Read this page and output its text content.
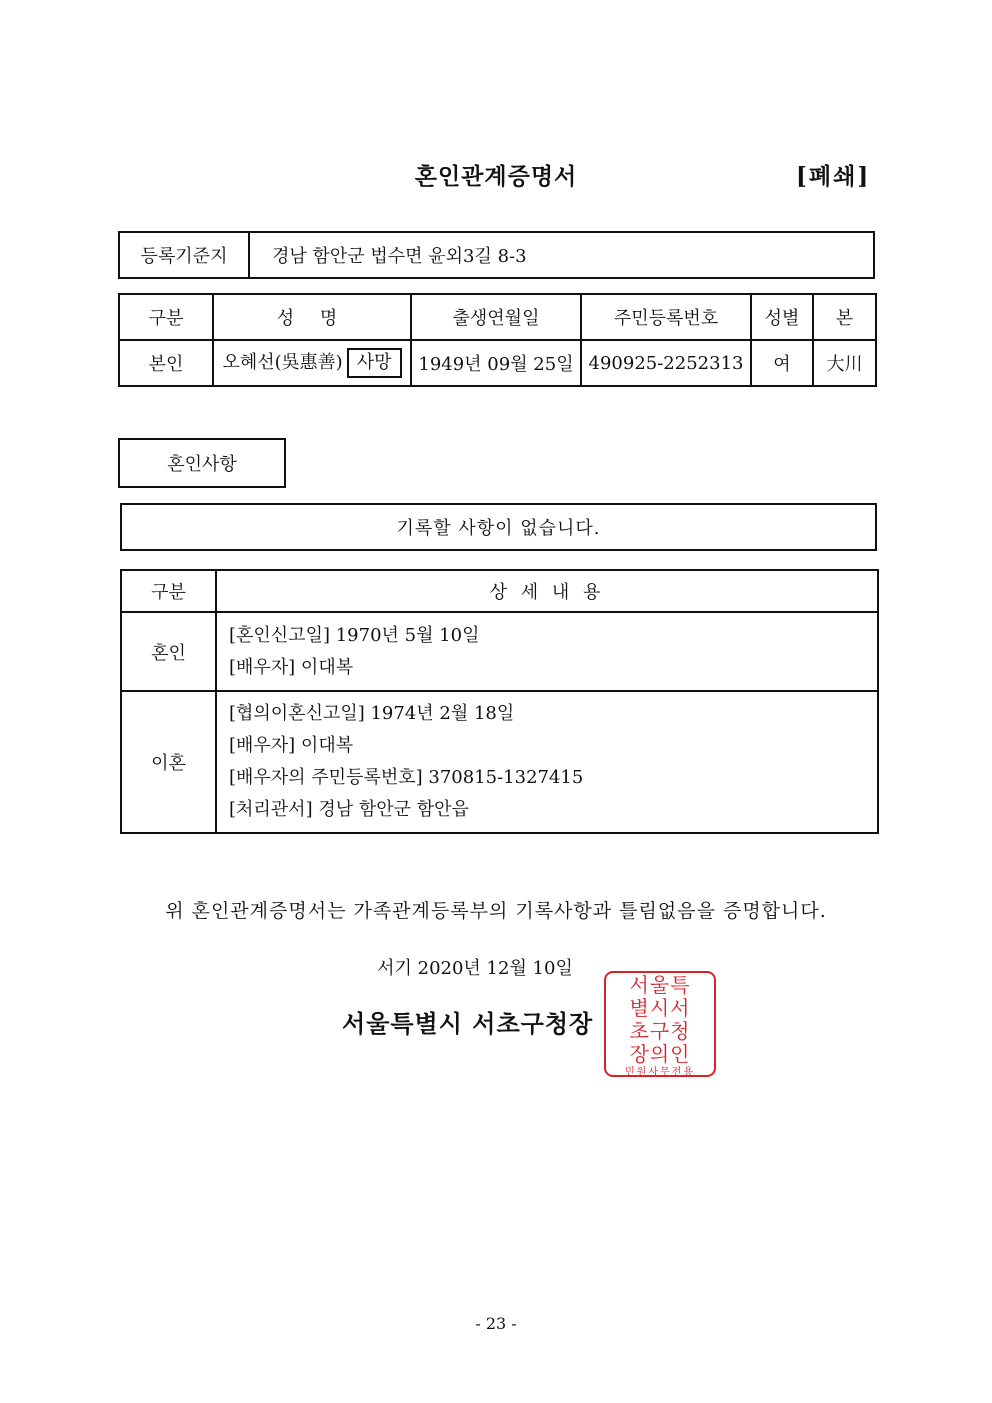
혼인관계증명서	[폐쇄]
등록기준지	경남 함안군 법수면 윤외3길 8-3
구분	성 명	출생연월일	주민등록번호	성별	본
본인	오혜선(吳惠善) 사망	1949년 09월 25일	490925-2252313	여	大川
혼인사항
기록할 사항이 없습니다.
구분	상 세 내 용
혼인	[혼인신고일] 1970년 5월 10일
[배우자] 이대복

이혼	[협의이혼신고일] 1974년 2월 18일
[배우자] 이대복
[배우자의 주민등록번호] 370815-1327415
[처리관서] 경남 함안군 함안읍
위 혼인관계증명서는 가족관계등록부의 기록사항과 틀림없음을 증명합니다.
서기 2020년 12월 10일
서울특별시 서초구청장
서울특
별시서
초구청
장의인
민원사무전용
- 23 -
